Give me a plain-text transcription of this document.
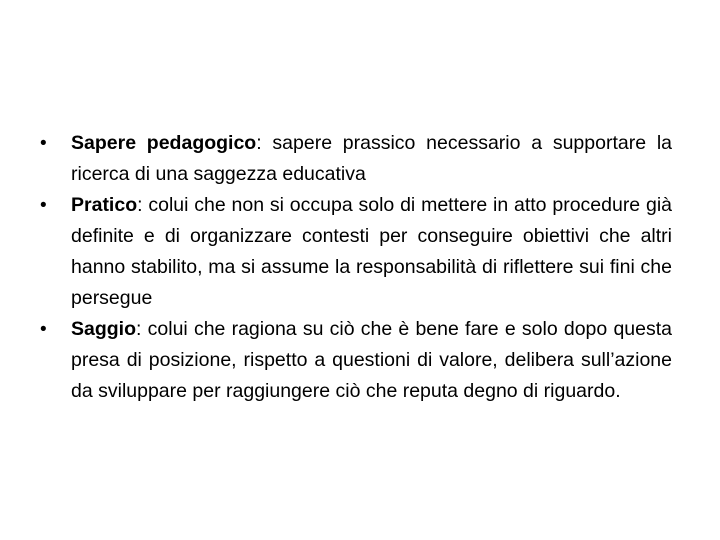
•	Sapere pedagogico: sapere prassico necessario a supportare la ricerca di una saggezza educativa
•	Pratico: colui che non si occupa solo di mettere in atto procedure già definite e di organizzare contesti per conseguire obiettivi che altri hanno stabilito, ma si assume la responsabilità di riflettere sui fini che persegue
•	Saggio: colui che ragiona su ciò che è bene fare e solo dopo questa presa di posizione, rispetto a questioni di valore, delibera sull’azione da sviluppare per raggiungere ciò che reputa degno di riguardo.
